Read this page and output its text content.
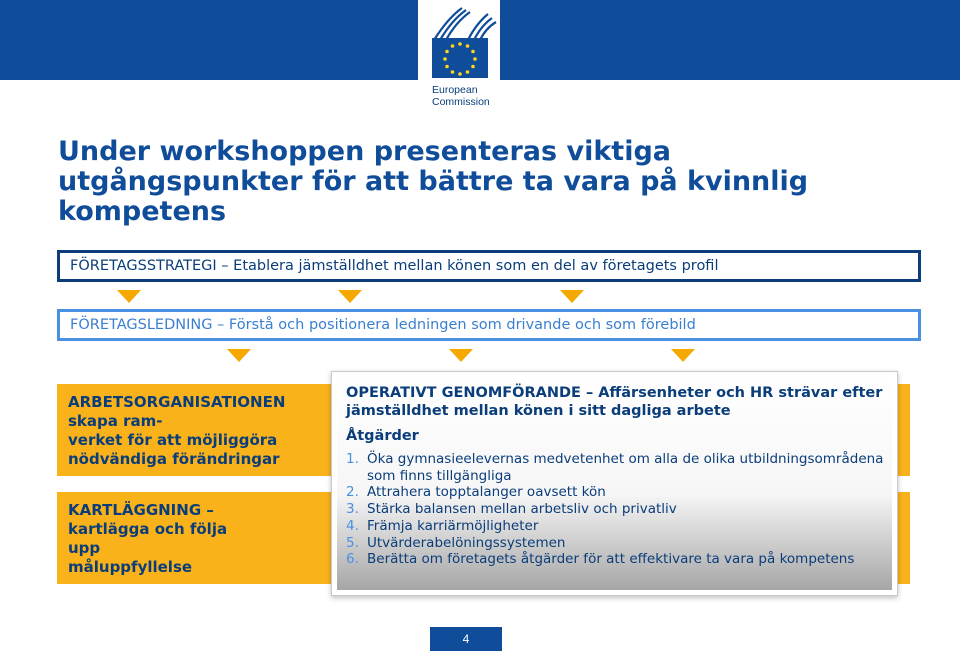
European
Commission
Under workshoppen presenteras viktiga utgångspunkter för att bättre ta vara på kvinnlig kompetens
FÖRETAGSSTRATEGI – Etablera jämställdhet mellan könen som en del av företagets profil
FÖRETAGSLEDNING – Förstå och positionera ledningen som drivande och som förebild
ARBETSORGANISATIONEN
skapa ram-
verket för att möjliggöra
nödvändiga förändringar
KARTLÄGGNING –
kartlägga och följa
upp
måluppfyllelse
OPERATIVT GENOMFÖRANDE – Affärsenheter och HR strävar efter jämställdhet mellan könen i sitt dagliga arbete
Åtgärder
1. Öka gymnasieelevernas medvetenhet om alla de olika utbildningsområdena som finns tillgängliga
2. Attrahera topptalanger oavsett kön
3. Stärka balansen mellan arbetsliv och privatliv
4. Främja karriärmöjligheter
5. Utvärderabelöningssystemen
6. Berätta om företagets åtgärder för att effektivare ta vara på kompetens
4
